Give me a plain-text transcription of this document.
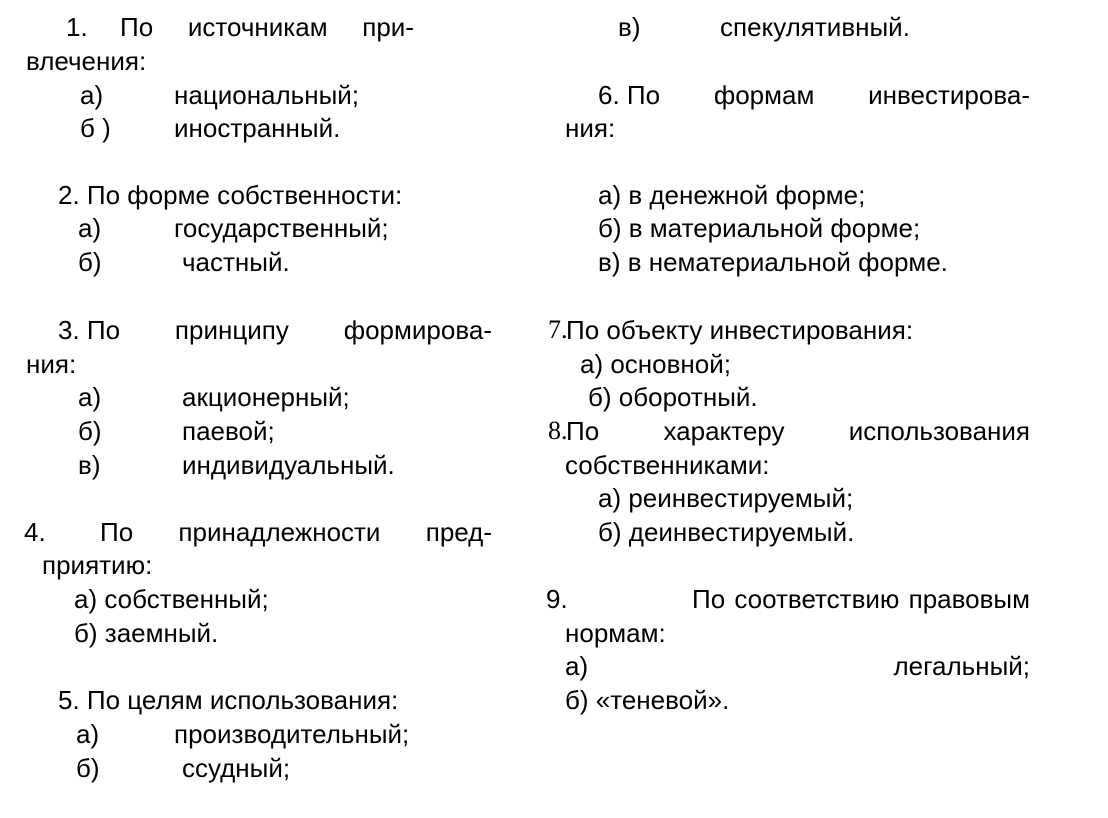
1. По источникам при-
влечения:
а)	национальный;
б ) иностранный.
2. По форме собственности:
а)	государственный;
б)	частный.
3. По принципу формирова-
ния:
а)	акционерный;
б)	паевой;
в)	индивидуальный.
4. По принадлежности пред-
приятию:
а) собственный;
б) заемный.
5. По целям использования:
а)	производительный;
б)	ссудный;
в)	спекулятивный.
6. По формам инвестирова-
ния:
а) в денежной форме;
б) в материальной форме;
в) в нематериальной форме.
7.
По объекту инвестирования:
а) основной;
б) оборотный.
8.
По характеру использования
собственниками:
а) реинвестируемый;
б) деинвестируемый.
9.	По соответствию правовым
нормам:
а)	легальный;
б) «теневой».
